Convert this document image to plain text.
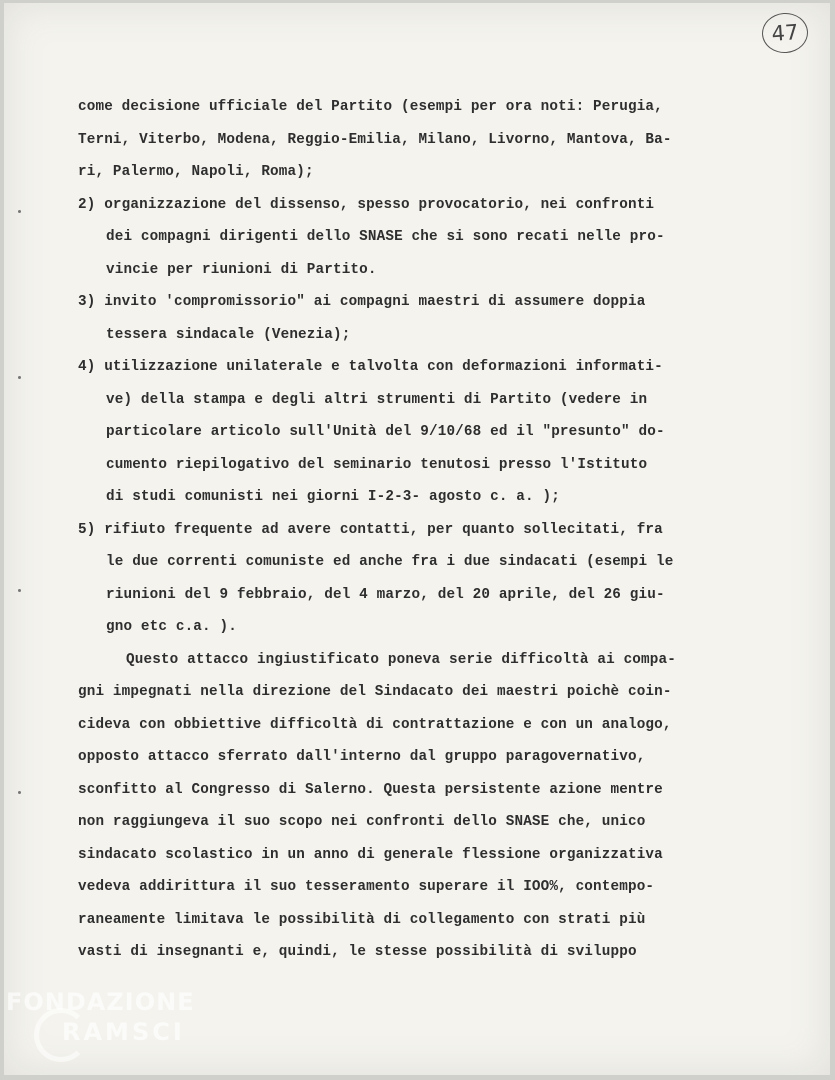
47
come decisione ufficiale del Partito (esempi per ora noti: Perugia,
Terni, Viterbo, Modena, Reggio-Emilia, Milano, Livorno, Mantova, Ba-
ri, Palermo, Napoli, Roma);
2) organizzazione del dissenso, spesso provocatorio, nei confronti
dei compagni dirigenti dello SNASE che si sono recati nelle pro-
vincie per riunioni di Partito.
3) invito 'compromissorio" ai compagni maestri di assumere doppia
tessera sindacale (Venezia);
4) utilizzazione unilaterale e talvolta con deformazioni informati-
ve) della stampa e degli altri strumenti di Partito (vedere in
particolare articolo sull'Unità del 9/10/68 ed il "presunto" do-
cumento riepilogativo del seminario tenutosi presso l'Istituto
di studi comunisti nei giorni I-2-3- agosto c. a. );
5) rifiuto frequente ad avere contatti, per quanto sollecitati, fra
le due correnti comuniste ed anche fra i due sindacati (esempi le
riunioni del 9 febbraio, del 4 marzo, del 20 aprile, del 26 giu-
gno etc c.a. ).
Questo attacco ingiustificato poneva serie difficoltà ai compa-
gni impegnati nella direzione del Sindacato dei maestri poichè coin-
cideva con obbiettive difficoltà di contrattazione e con un analogo,
opposto attacco sferrato dall'interno dal gruppo paragovernativo,
sconfitto al Congresso di Salerno. Questa persistente azione mentre
non raggiungeva il suo scopo nei confronti dello SNASE che, unico
sindacato scolastico in un anno di generale flessione organizzativa
vedeva addirittura il suo tesseramento superare il IOO%, contempo-
raneamente limitava le possibilità di collegamento con strati più
vasti di insegnanti e, quindi, le stesse possibilità di sviluppo
FONDAZIONE
RAMSCI
